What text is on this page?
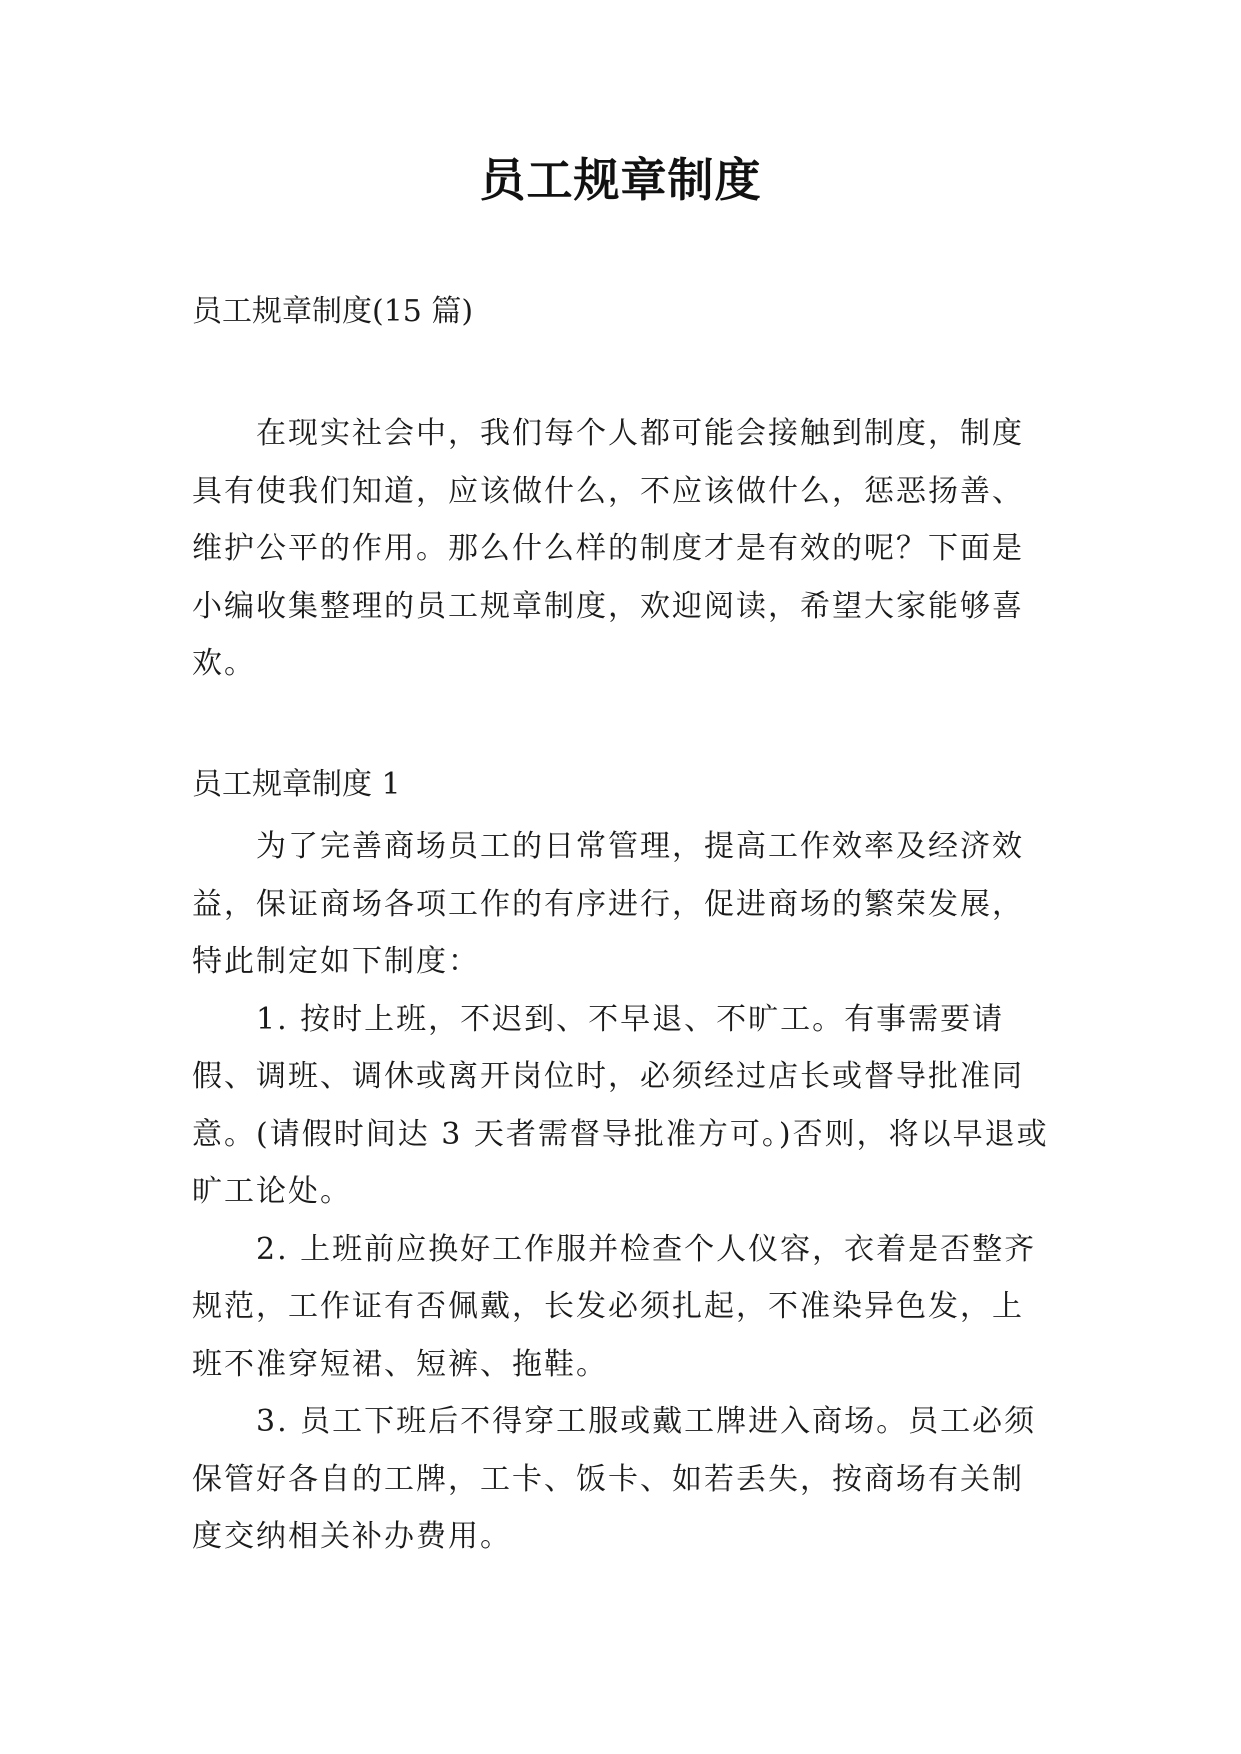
员工规章制度
员工规章制度(15 篇)

在现实社会中，我们每个人都可能会接触到制度，制度具有使我们知道，应该做什么，不应该做什么，惩恶扬善、维护公平的作用。那么什么样的制度才是有效的呢？下面是小编收集整理的员工规章制度，欢迎阅读，希望大家能够喜欢。

员工规章制度 1

为了完善商场员工的日常管理，提高工作效率及经济效益，保证商场各项工作的有序进行，促进商场的繁荣发展，特此制定如下制度：

1. 按时上班，不迟到、不早退、不旷工。有事需要请假、调班、调休或离开岗位时，必须经过店长或督导批准同意。(请假时间达 3 天者需督导批准方可。)否则，将以早退或旷工论处。

2. 上班前应换好工作服并检查个人仪容，衣着是否整齐规范，工作证有否佩戴，长发必须扎起，不准染异色发，上班不准穿短裙、短裤、拖鞋。

3. 员工下班后不得穿工服或戴工牌进入商场。员工必须保管好各自的工牌，工卡、饭卡、如若丢失，按商场有关制度交纳相关补办费用。
